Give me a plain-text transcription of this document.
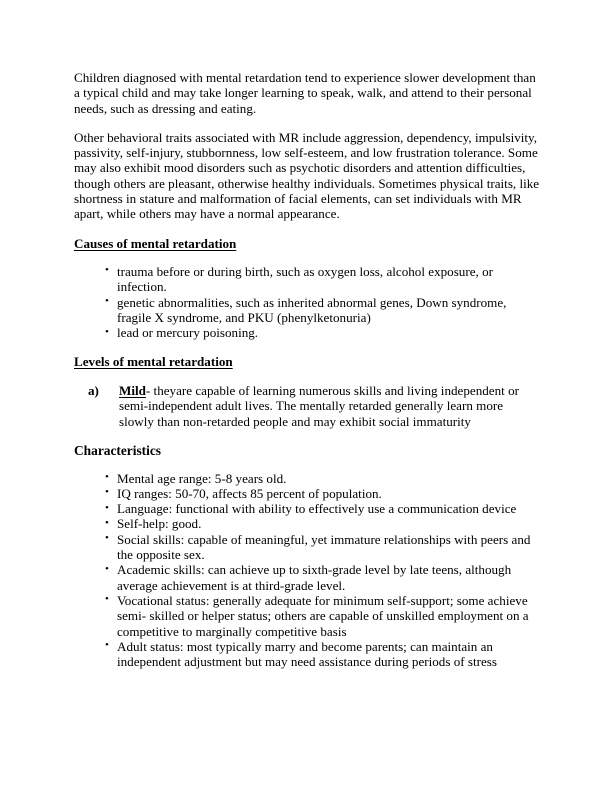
Children diagnosed with mental retardation tend to experience slower development than a typical child and may take longer learning to speak, walk, and attend to their personal needs, such as dressing and eating.

Other behavioral traits associated with MR include aggression, dependency, impulsivity, passivity, self-injury, stubbornness, low self-esteem, and low frustration tolerance. Some may also exhibit mood disorders such as psychotic disorders and attention difficulties, though others are pleasant, otherwise healthy individuals. Sometimes physical traits, like shortness in stature and malformation of facial elements, can set individuals with MR apart, while others may have a normal appearance.

Causes of mental retardation
• trauma before or during birth, such as oxygen loss, alcohol exposure, or infection.
• genetic abnormalities, such as inherited abnormal genes, Down syndrome, fragile X syndrome, and PKU (phenylketonuria)
• lead or mercury poisoning.
Levels of mental retardation
a) Mild- theyare capable of learning numerous skills and living independent or semi-independent adult lives. The mentally retarded generally learn more slowly than non-retarded people and may exhibit social immaturity
Characteristics
• Mental age range: 5-8 years old.
• IQ ranges: 50-70, affects 85 percent of population.
• Language: functional with ability to effectively use a communication device
• Self-help: good.
• Social skills: capable of meaningful, yet immature relationships with peers and the opposite sex.
• Academic skills: can achieve up to sixth-grade level by late teens, although average achievement is at third-grade level.
• Vocational status: generally adequate for minimum self-support; some achieve semi- skilled or helper status; others are capable of unskilled employment on a competitive to marginally competitive basis
• Adult status: most typically marry and become parents; can maintain an independent adjustment but may need assistance during periods of stress
